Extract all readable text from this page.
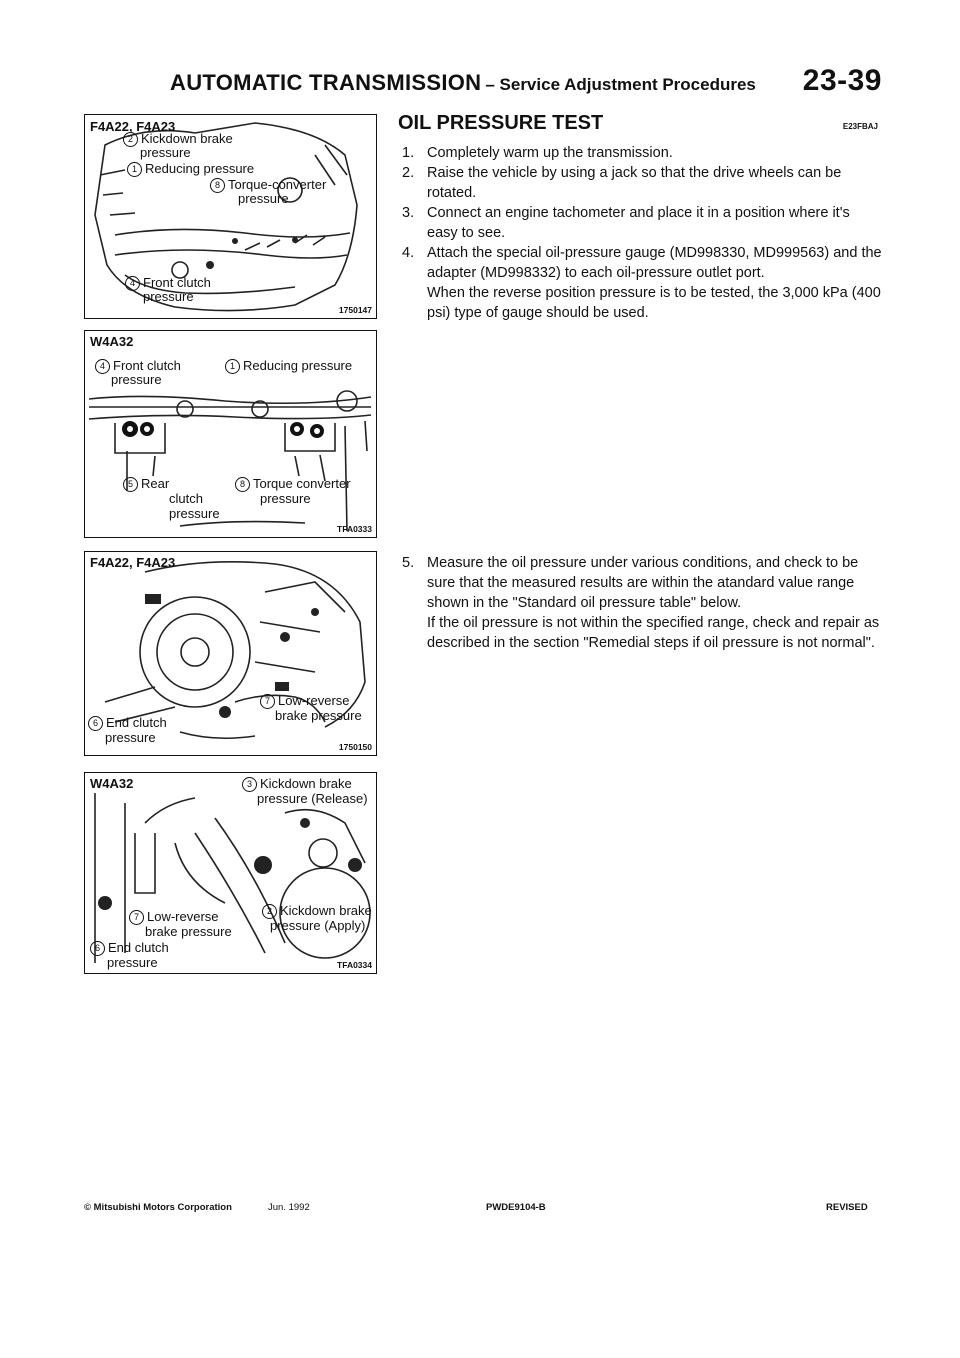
AUTOMATIC TRANSMISSION – Service Adjustment Procedures 23-39
F4A22, F4A23
2 Kickdown brake
pressure
1 Reducing pressure
8 Torque-converter
pressure
4 Front clutch
pressure
1750147
W4A32
4 Front clutch
pressure
1 Reducing pressure
5 Rear
clutch
pressure
8 Torque converter
pressure
TFA0333
F4A22, F4A23
7 Low-reverse
brake pressure
6 End clutch
pressure
1750150
W4A32	3 Kickdown brake
pressure (Release)
2 Kickdown brake
pressure (Apply)
7 Low-reverse
brake pressure
6 End clutch
pressure	TFA0334
OIL PRESSURE TEST	E23FBAJ
1. Completely warm up the transmission.
2. Raise the vehicle by using a jack so that the drive wheels can be rotated.
3. Connect an engine tachometer and place it in a position where it's easy to see.
4. Attach the special oil-pressure gauge (MD998330, MD999563) and the adapter (MD998332) to each oil-pressure outlet port.
When the reverse position pressure is to be tested, the 3,000 kPa (400 psi) type of gauge should be used.
5. Measure the oil pressure under various conditions, and check to be sure that the measured results are within the atandard value range shown in the "Standard oil pressure table" below.
If the oil pressure is not within the specified range, check and repair as described in the section "Remedial steps if oil pressure is not normal".
© Mitsubishi Motors Corporation	Jun. 1992	PWDE9104-B	REVISED
